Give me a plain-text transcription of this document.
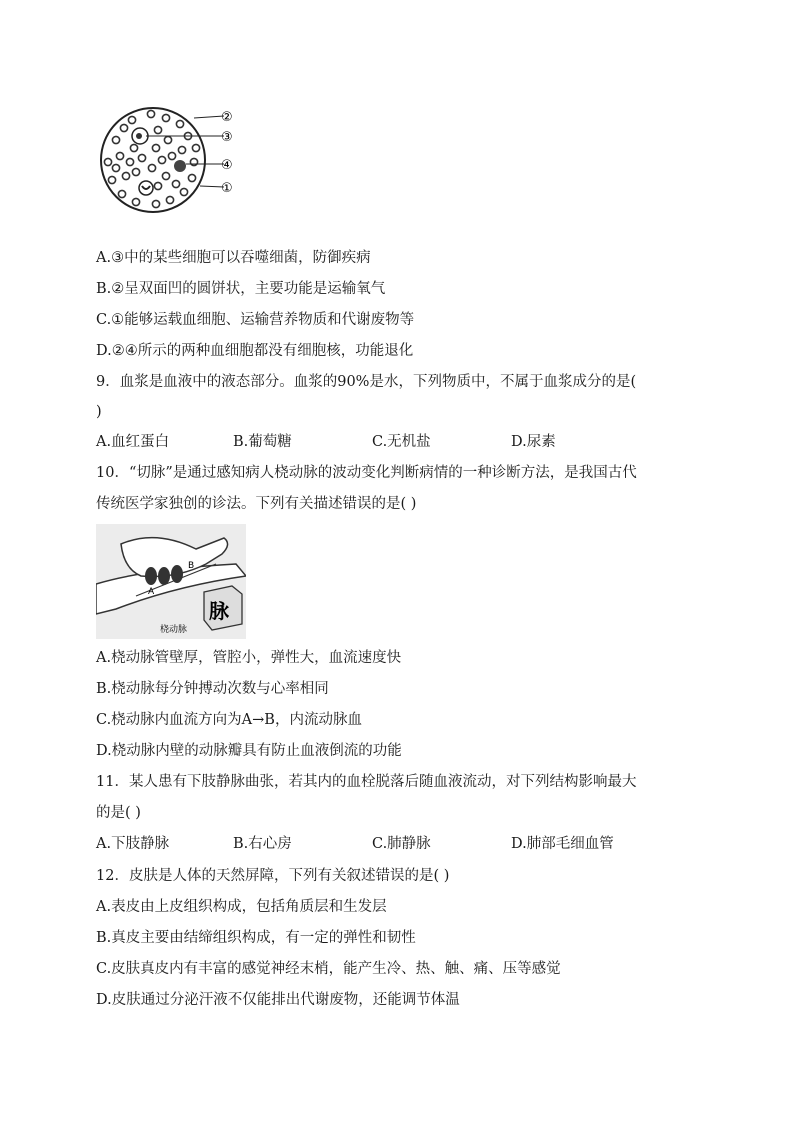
②
③
④
①
A.③中的某些细胞可以吞噬细菌，防御疾病
B.②呈双面凹的圆饼状，主要功能是运输氧气
C.①能够运载血细胞、运输营养物质和代谢废物等
D.②④所示的两种血细胞都没有细胞核，功能退化
9．血浆是血液中的液态部分。血浆的90%是水，下列物质中，不属于血浆成分的是(
)
A.血红蛋白	B.葡萄糖	C.无机盐	D.尿素
10．“切脉”是通过感知病人桡动脉的波动变化判断病情的一种诊断方法，是我国古代
传统医学家独创的诊法。下列有关描述错误的是( )
A
B
脉
桡动脉
A.桡动脉管壁厚，管腔小，弹性大，血流速度快
B.桡动脉每分钟搏动次数与心率相同
C.桡动脉内血流方向为A→B，内流动脉血
D.桡动脉内壁的动脉瓣具有防止血液倒流的功能
11．某人患有下肢静脉曲张，若其内的血栓脱落后随血液流动，对下列结构影响最大
的是( )
A.下肢静脉	B.右心房	C.肺静脉	D.肺部毛细血管
12．皮肤是人体的天然屏障，下列有关叙述错误的是( )
A.表皮由上皮组织构成，包括角质层和生发层
B.真皮主要由结缔组织构成，有一定的弹性和韧性
C.皮肤真皮内有丰富的感觉神经末梢，能产生冷、热、触、痛、压等感觉
D.皮肤通过分泌汗液不仅能排出代谢废物，还能调节体温
